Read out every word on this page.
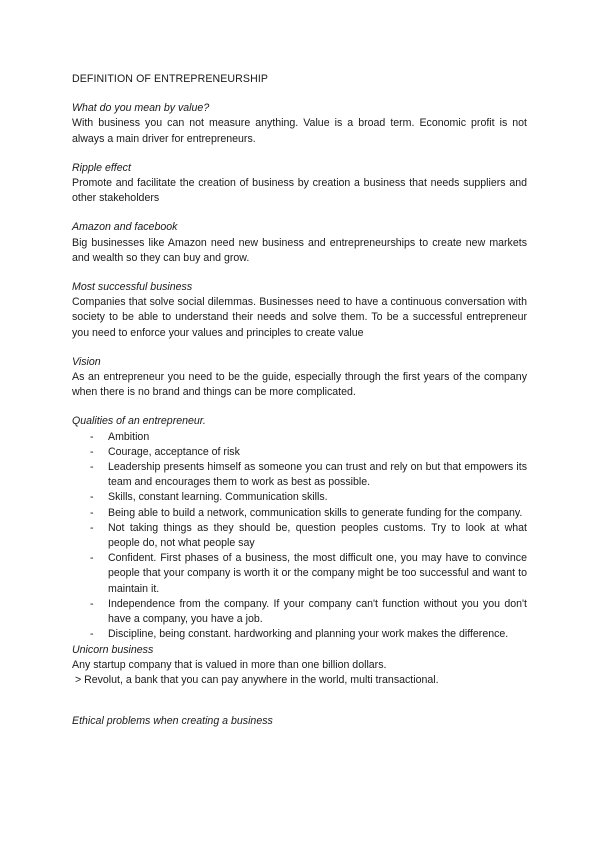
DEFINITION OF ENTREPRENEURSHIP

What do you mean by value?

With business you can not measure anything. Value is a broad term. Economic profit is not always a main driver for entrepreneurs.

Ripple effect

Promote and facilitate the creation of business by creation a business that needs suppliers and other stakeholders

Amazon and facebook

Big businesses like Amazon need new business and entrepreneurships to create new markets and wealth so they can buy and grow.

Most successful business

Companies that solve social dilemmas. Businesses need to have a continuous conversation with society to be able to understand their needs and solve them. To be a successful entrepreneur you need to enforce your values and principles to create value

Vision

As an entrepreneur you need to be the guide, especially through the first years of the company when there is no brand and things can be more complicated.

Qualities of an entrepreneur.

- Ambition
- Courage, acceptance of risk
- Leadership presents himself as someone you can trust and rely on but that empowers its team and encourages them to work as best as possible.
- Skills, constant learning. Communication skills.
- Being able to build a network, communication skills to generate funding for the company.
- Not taking things as they should be, question peoples customs. Try to look at what people do, not what people say
- Confident. First phases of a business, the most difficult one, you may have to convince people that your company is worth it or the company might be too successful and want to maintain it.
- Independence from the company. If your company can't function without you you don't have a company, you have a job.
- Discipline, being constant. hardworking and planning your work makes the difference.

Unicorn business

Any startup company that is valued in more than one billion dollars.

> Revolut, a bank that you can pay anywhere in the world, multi transactional.

Ethical problems when creating a business
